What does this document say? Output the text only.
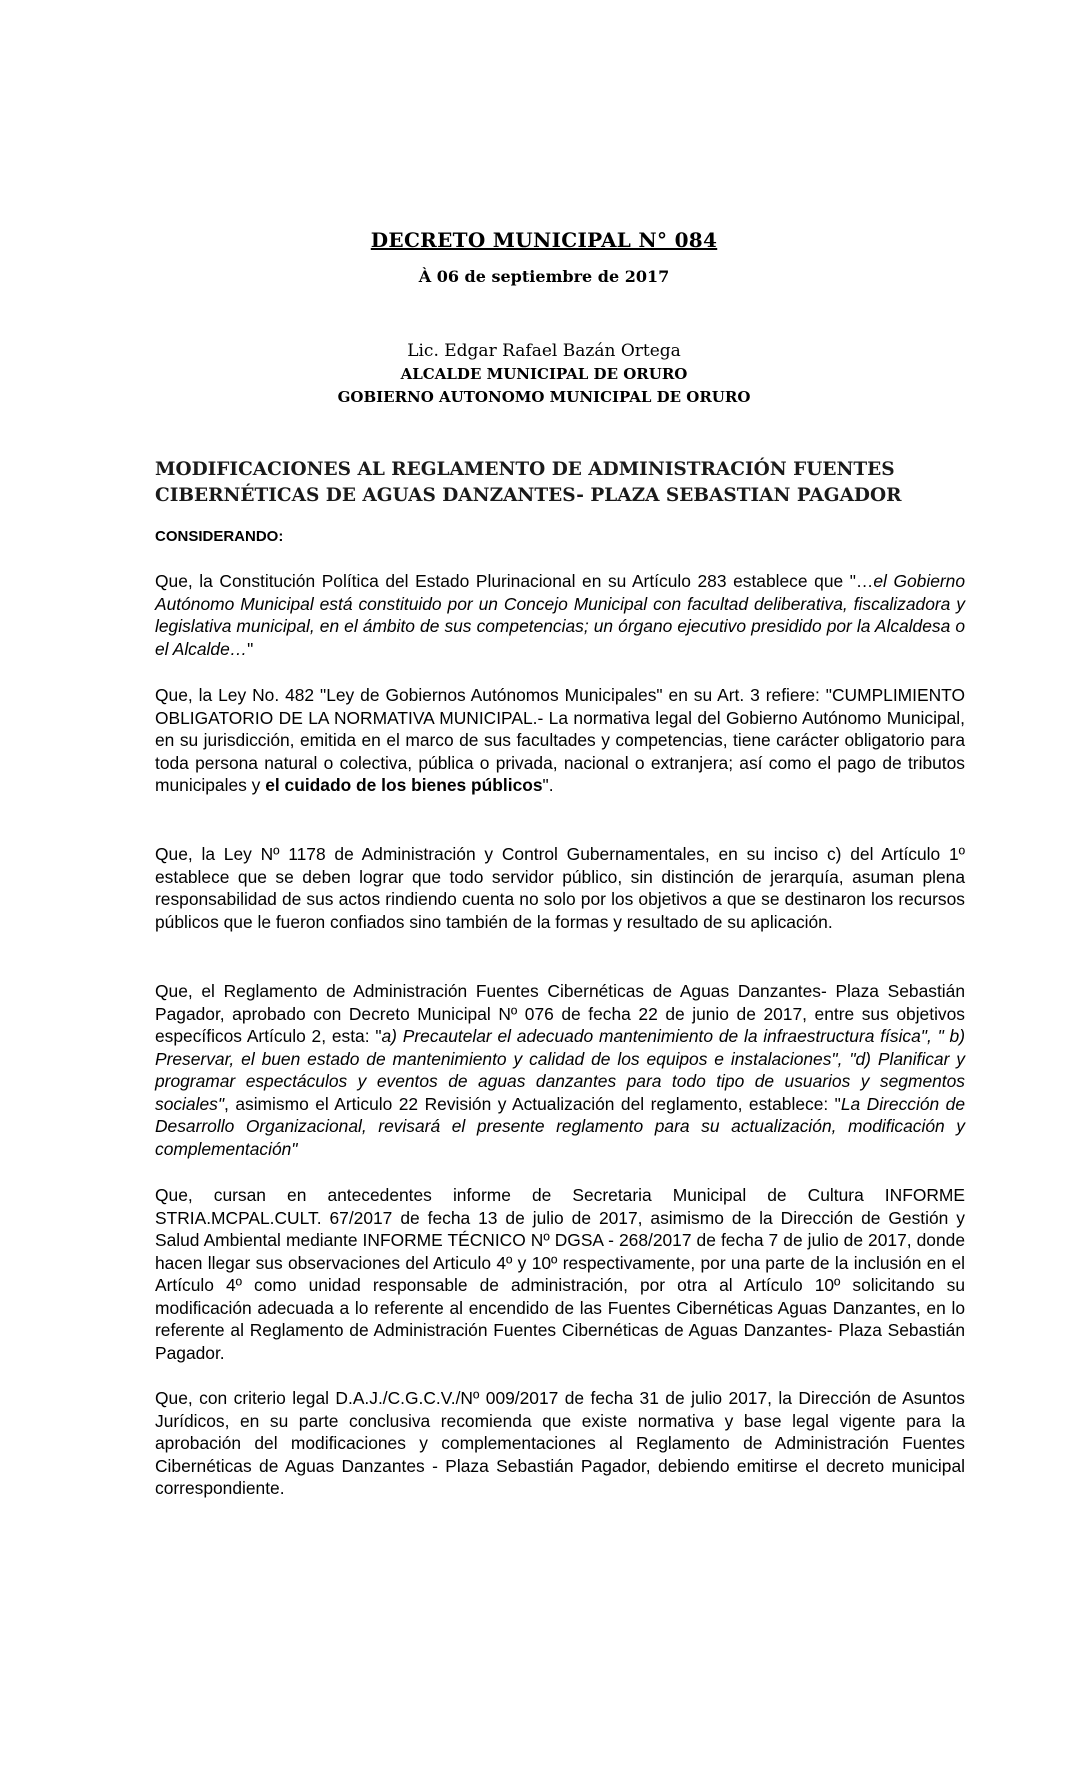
DECRETO MUNICIPAL N° 084
À 06 de septiembre de 2017
Lic. Edgar Rafael Bazán Ortega
ALCALDE MUNICIPAL DE ORURO
GOBIERNO AUTONOMO MUNICIPAL DE ORURO
MODIFICACIONES AL REGLAMENTO DE ADMINISTRACIÓN FUENTES
CIBERNÉTICAS DE AGUAS DANZANTES- PLAZA SEBASTIAN PAGADOR
CONSIDERANDO:
Que, la Constitución Política del Estado Plurinacional en su Artículo 283 establece que "…el Gobierno Autónomo Municipal está constituido por un Concejo Municipal con facultad deliberativa, fiscalizadora y legislativa municipal, en el ámbito de sus competencias; un órgano ejecutivo presidido por la Alcaldesa o el Alcalde…"
Que, la Ley No. 482 "Ley de Gobiernos Autónomos Municipales" en su Art. 3 refiere: "CUMPLIMIENTO OBLIGATORIO DE LA NORMATIVA MUNICIPAL.- La normativa legal del Gobierno Autónomo Municipal, en su jurisdicción, emitida en el marco de sus facultades y competencias, tiene carácter obligatorio para toda persona natural o colectiva, pública o privada, nacional o extranjera; así como el pago de tributos municipales y el cuidado de los bienes públicos".
Que, la Ley Nº 1178 de Administración y Control Gubernamentales, en su inciso c) del Artículo 1º establece que se deben lograr que todo servidor público, sin distinción de jerarquía, asuman plena responsabilidad de sus actos rindiendo cuenta no solo por los objetivos a que se destinaron los recursos públicos que le fueron confiados sino también de la formas y resultado de su aplicación.
Que, el Reglamento de Administración Fuentes Cibernéticas de Aguas Danzantes- Plaza Sebastián Pagador, aprobado con Decreto Municipal Nº 076 de fecha 22 de junio de 2017, entre sus objetivos específicos Artículo 2, esta: "a) Precautelar el adecuado mantenimiento de la infraestructura física", " b) Preservar, el buen estado de mantenimiento y calidad de los equipos e instalaciones", "d) Planificar y programar espectáculos y eventos de aguas danzantes para todo tipo de usuarios y segmentos sociales", asimismo el Articulo 22 Revisión y Actualización del reglamento, establece: "La Dirección de Desarrollo Organizacional, revisará el presente reglamento para su actualización, modificación y complementación"
Que, cursan en antecedentes informe de Secretaria Municipal de Cultura INFORME STRIA.MCPAL.CULT. 67/2017 de fecha 13 de julio de 2017, asimismo de la Dirección de Gestión y Salud Ambiental mediante INFORME TÉCNICO Nº DGSA - 268/2017 de fecha 7 de julio de 2017, donde hacen llegar sus observaciones del Articulo 4º y 10º respectivamente, por una parte de la inclusión en el Artículo 4º como unidad responsable de administración, por otra al Artículo 10º solicitando su modificación adecuada a lo referente al encendido de las Fuentes Cibernéticas Aguas Danzantes, en lo referente al Reglamento de Administración Fuentes Cibernéticas de Aguas Danzantes- Plaza Sebastián Pagador.
Que, con criterio legal D.A.J./C.G.C.V./Nº 009/2017 de fecha 31 de julio 2017, la Dirección de Asuntos Jurídicos, en su parte conclusiva recomienda que existe normativa y base legal vigente para la aprobación del modificaciones y complementaciones al Reglamento de Administración Fuentes Cibernéticas de Aguas Danzantes - Plaza Sebastián Pagador, debiendo emitirse el decreto municipal correspondiente.
